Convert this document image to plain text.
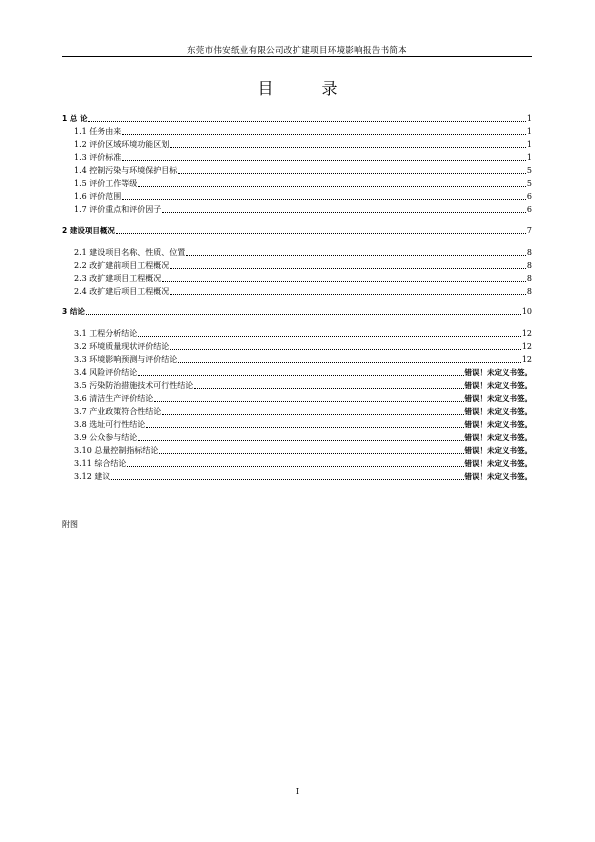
东莞市伟安纸业有限公司改扩建项目环境影响报告书简本
目	录
1 总 论	1
1.1 任务由来	1
1.2 评价区域环境功能区划	1
1.3 评价标准	1
1.4 控制污染与环境保护目标	5
1.5 评价工作等级	5
1.6 评价范围	6
1.7 评价重点和评价因子	6
2 建设项目概况	7
2.1 建设项目名称、性质、位置	8
2.2 改扩建前项目工程概况	8
2.3 改扩建项目工程概况	8
2.4 改扩建后项目工程概况	8
3 结论	10
3.1 工程分析结论	12
3.2 环境质量现状评价结论	12
3.3 环境影响预测与评价结论	12
3.4 风险评价结论	错误！未定义书签。
3.5 污染防治措施技术可行性结论	错误！未定义书签。
3.6 清洁生产评价结论	错误！未定义书签。
3.7 产业政策符合性结论	错误！未定义书签。
3.8 选址可行性结论	错误！未定义书签。
3.9 公众参与结论	错误！未定义书签。
3.10 总量控制指标结论	错误！未定义书签。
3.11 综合结论	错误！未定义书签。
3.12 建议	错误！未定义书签。
附图
I
